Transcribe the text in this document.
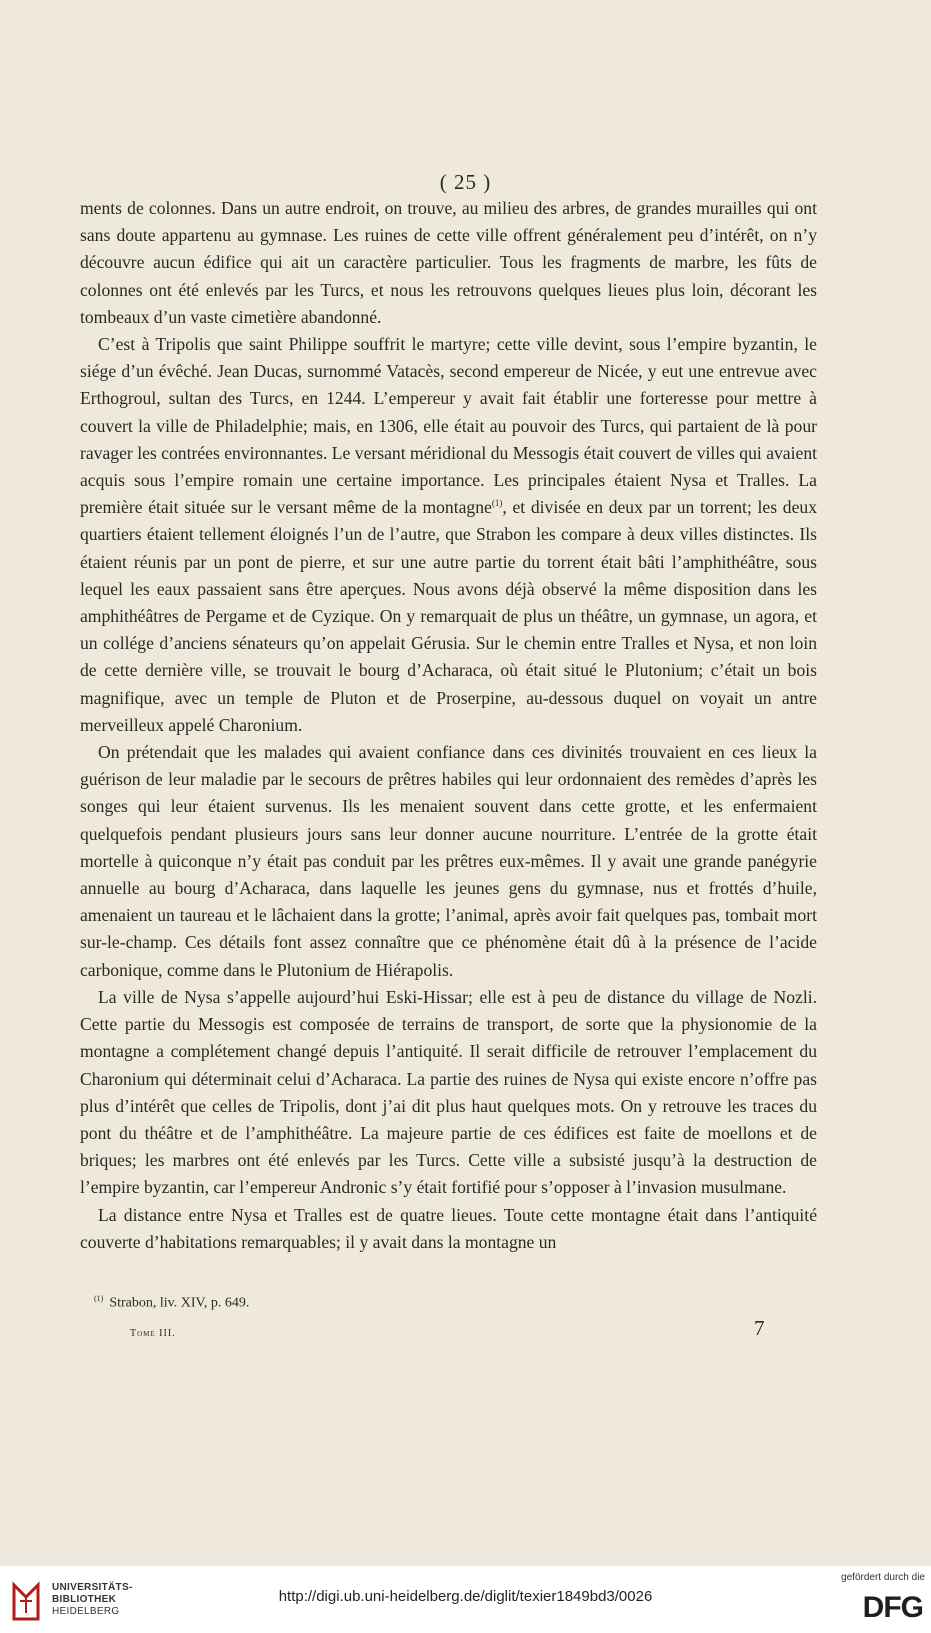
( 25 )

ments de colonnes. Dans un autre endroit, on trouve, au milieu des arbres, de grandes murailles qui ont sans doute appartenu au gymnase. Les ruines de cette ville offrent généralement peu d’intérêt, on n’y découvre aucun édifice qui ait un caractère particulier. Tous les fragments de marbre, les fûts de colonnes ont été enlevés par les Turcs, et nous les retrouvons quelques lieues plus loin, décorant les tombeaux d’un vaste cimetière abandonné.

C’est à Tripolis que saint Philippe souffrit le martyre; cette ville devint, sous l’empire byzantin, le siége d’un évêché. Jean Ducas, surnommé Vatacès, second empereur de Nicée, y eut une entrevue avec Erthogroul, sultan des Turcs, en 1244. L’empereur y avait fait établir une forteresse pour mettre à couvert la ville de Philadelphie; mais, en 1306, elle était au pouvoir des Turcs, qui partaient de là pour ravager les contrées environnantes. Le versant méridional du Messogis était couvert de villes qui avaient acquis sous l’empire romain une certaine importance. Les principales étaient Nysa et Tralles. La première était située sur le versant même de la montagne$^{(1)}$, et divisée en deux par un torrent; les deux quartiers étaient tellement éloignés l’un de l’autre, que Strabon les compare à deux villes distinctes. Ils étaient réunis par un pont de pierre, et sur une autre partie du torrent était bâti l’amphithéâtre, sous lequel les eaux passaient sans être aperçues. Nous avons déjà observé la même disposition dans les amphithéâtres de Pergame et de Cyzique. On y remarquait de plus un théâtre, un gymnase, un agora, et un collége d’anciens sénateurs qu’on appelait Gérusia. Sur le chemin entre Tralles et Nysa, et non loin de cette dernière ville, se trouvait le bourg d’Acharaca, où était situé le Plutonium; c’était un bois magnifique, avec un temple de Pluton et de Proserpine, au-dessous duquel on voyait un antre merveilleux appelé Charonium.

On prétendait que les malades qui avaient confiance dans ces divinités trouvaient en ces lieux la guérison de leur maladie par le secours de prêtres habiles qui leur ordonnaient des remèdes d’après les songes qui leur étaient survenus. Ils les menaient souvent dans cette grotte, et les enfermaient quelquefois pendant plusieurs jours sans leur donner aucune nourriture. L’entrée de la grotte était mortelle à quiconque n’y était pas conduit par les prêtres eux-mêmes. Il y avait une grande panégyrie annuelle au bourg d’Acharaca, dans laquelle les jeunes gens du gymnase, nus et frottés d’huile, amenaient un taureau et le lâchaient dans la grotte; l’animal, après avoir fait quelques pas, tombait mort sur-le-champ. Ces détails font assez connaître que ce phénomène était dû à la présence de l’acide carbonique, comme dans le Plutonium de Hiérapolis.

La ville de Nysa s’appelle aujourd’hui Eski-Hissar; elle est à peu de distance du village de Nozli. Cette partie du Messogis est composée de terrains de transport, de sorte que la physionomie de la montagne a complétement changé depuis l’antiquité. Il serait difficile de retrouver l’emplacement du Charonium qui déterminait celui d’Acharaca. La partie des ruines de Nysa qui existe encore n’offre pas plus d’intérêt que celles de Tripolis, dont j’ai dit plus haut quelques mots. On y retrouve les traces du pont du théâtre et de l’amphithéâtre. La majeure partie de ces édifices est faite de moellons et de briques; les marbres ont été enlevés par les Turcs. Cette ville a subsisté jusqu’à la destruction de l’empire byzantin, car l’empereur Andronic s’y était fortifié pour s’opposer à l’invasion musulmane.

La distance entre Nysa et Tralles est de quatre lieues. Toute cette montagne était dans l’antiquité couverte d’habitations remarquables; il y avait dans la montagne un

$^{(1)}$ Strabon, liv. XIV, p. 649.
Tome III.	7
UNIVERSITÄTS-
BIBLIOTHEK
HEIDELBERG
http://digi.ub.uni-heidelberg.de/diglit/texier1849bd3/0026
gefördert durch die
DFG
